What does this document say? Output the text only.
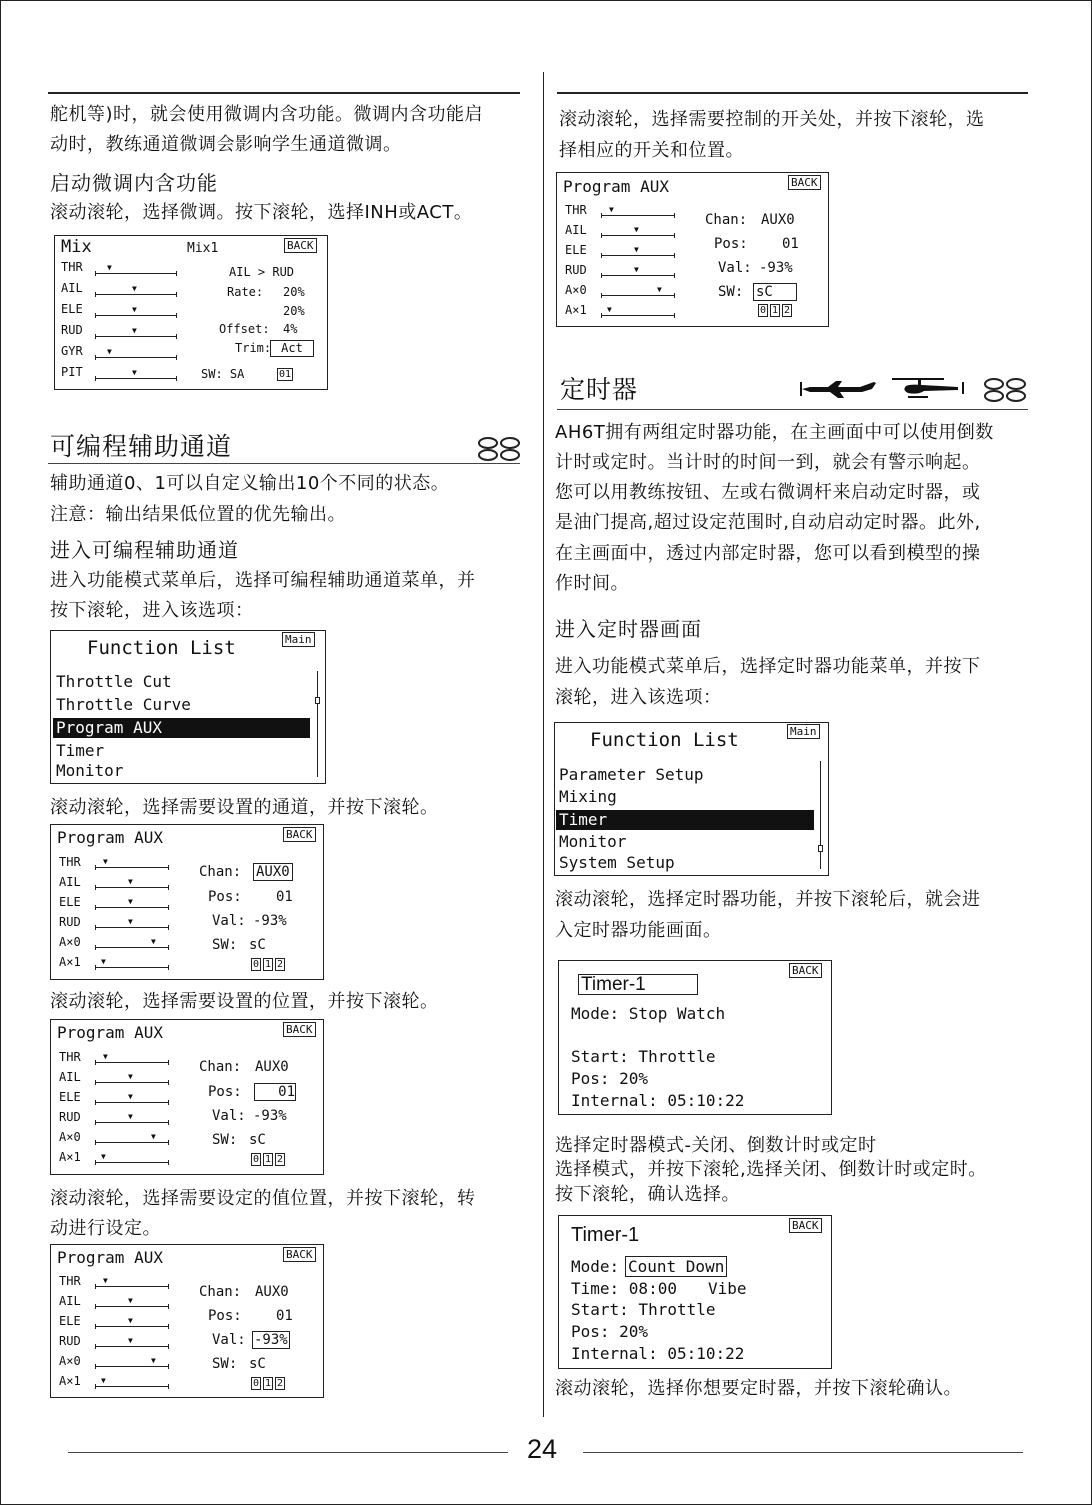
舵机等)时，就会使用微调内含功能。微调内含功能启
动时，教练通道微调会影响学生通道微调。
启动微调内含功能
滚动滚轮，选择微调。按下滚轮，选择INH或ACT。
Mix	Mix1	BACK
THR
AIL
ELE
RUD
GYR
PIT
▼
▼
▼
▼
▼
▼
AIL > RUD
Rate: 20%
20%
Offset: 4%
Trim: Act
SW: SA	01
可编程辅助通道
辅助通道0、1可以自定义输出10个不同的状态。
注意：输出结果低位置的优先输出。
进入可编程辅助通道
进入功能模式菜单后，选择可编程辅助通道菜单，并
按下滚轮，进入该选项：
Function List	Main
Throttle Cut
Throttle Curve
Program AUX
Timer
Monitor
滚动滚轮，选择需要设置的通道，并按下滚轮。
Program AUX	BACK
THR
AIL
ELE
RUD
A×0
A×1
▼
▼
▼
▼
▼
▼
Chan: AUX0
Pos: 01
Val: -93%
SW: sC
0 1 2
滚动滚轮，选择需要设置的位置，并按下滚轮。
Program AUX	BACK
THR
AIL
ELE
RUD
A×0
A×1
▼
▼
▼
▼
▼
▼
Chan: AUX0
Pos:	01
Val: -93%
SW: sC
0 1 2
滚动滚轮，选择需要设定的值位置，并按下滚轮，转
动进行设定。
Program AUX	BACK
THR
AIL
ELE
RUD
A×0
A×1
▼
▼
▼
▼
▼
▼
Chan: AUX0
Pos: 01
Val: -93%
SW: sC
0 1 2
滚动滚轮，选择需要控制的开关处，并按下滚轮，选
择相应的开关和位置。
Program AUX	BACK
THR
AIL
ELE
RUD
A×0
A×1
▼
▼
▼
▼
▼
▼
Chan: AUX0
Pos: 01
Val: -93%
SW: sC
0 1 2
定时器
AH6T拥有两组定时器功能，在主画面中可以使用倒数
计时或定时。当计时的时间一到，就会有警示响起。
您可以用教练按钮、左或右微调杆来启动定时器，或
是油门提高,超过设定范围时,自动启动定时器。此外,
在主画面中，透过内部定时器，您可以看到模型的操
作时间。
进入定时器画面
进入功能模式菜单后，选择定时器功能菜单，并按下
滚轮，进入该选项：
Function List	Main
Parameter Setup
Mixing
Timer
Monitor
System Setup
滚动滚轮，选择定时器功能，并按下滚轮后，就会进
入定时器功能画面。
Timer-1
BACK
Mode: Stop Watch
Start: Throttle
Pos: 20%
Internal: 05:10:22
选择定时器模式-关闭、倒数计时或定时
选择模式，并按下滚轮,选择关闭、倒数计时或定时。
按下滚轮，确认选择。
Timer-1	BACK
Mode: Count Down
Time: 08:00 Vibe
Start: Throttle
Pos: 20%
Internal: 05:10:22
滚动滚轮，选择你想要定时器，并按下滚轮确认。
24
